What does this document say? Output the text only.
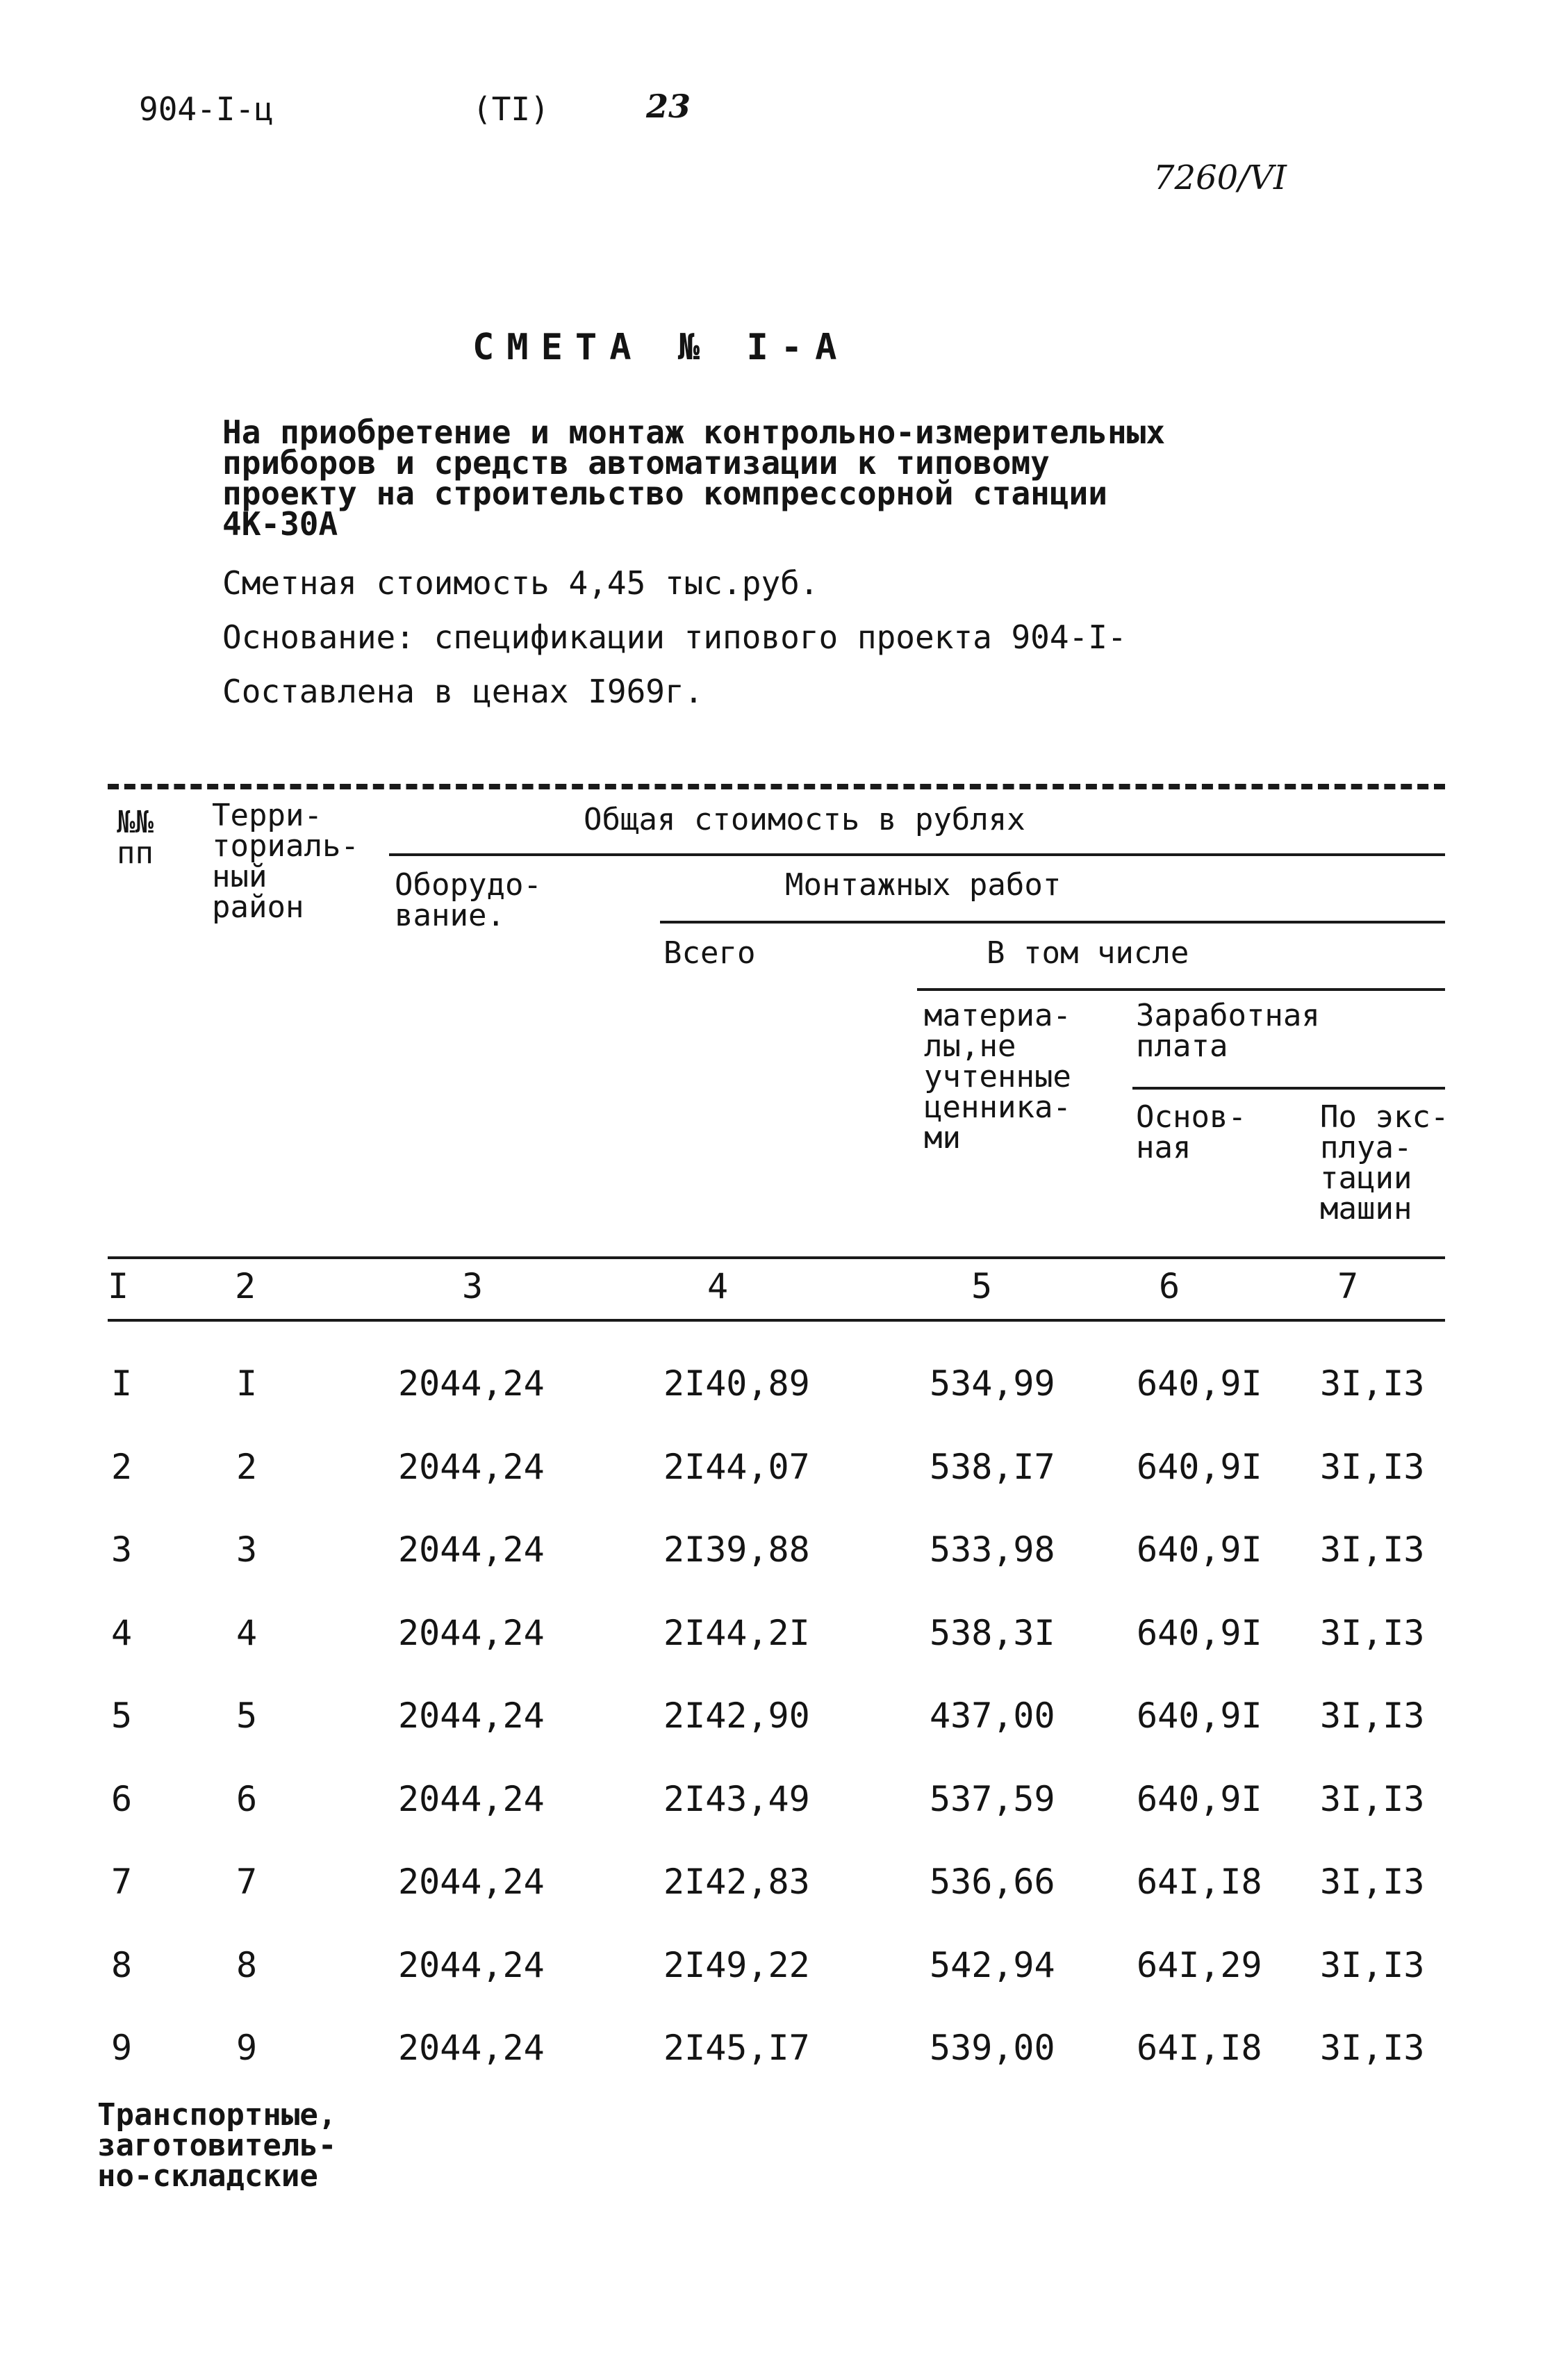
904-I-ц	(ТI)	23
7260/VI
СМЕТА № I-А
На приобретение и монтаж контрольно-измерительных
приборов и средств автоматизации к типовому
проекту на строительство компрессорной станции
4К-30А
Сметная стоимость 4,45 тыс.руб.
Основание: спецификации типового проекта 904-I-
Составлена в ценах I969г.
№№
пп
Терри-
ториаль-
ный
район
Общая стоимость в рублях
Оборудо-
вание.
Монтажных работ
Всего	В том числе
материа-
лы,не
учтенные
ценника-
ми
Заработная
плата
Основ-
ная
По экс-
плуа-
тации
машин
I	2	3	4	5	6	7
I	I	2044,24	2I40,89	534,99 640,9I 3I,I3
2	2	2044,24	2I44,07	538,I7 640,9I 3I,I3
3	3	2044,24	2I39,88	533,98 640,9I 3I,I3
4	4	2044,24	2I44,2I	538,3I 640,9I 3I,I3
5	5	2044,24	2I42,90	437,00 640,9I 3I,I3
6	6	2044,24	2I43,49	537,59 640,9I 3I,I3
7	7	2044,24	2I42,83	536,66 64I,I8 3I,I3
8	8	2044,24	2I49,22	542,94 64I,29 3I,I3
9	9	2044,24	2I45,I7	539,00 64I,I8 3I,I3
Транспортные,
заготовитель-
но-складские
